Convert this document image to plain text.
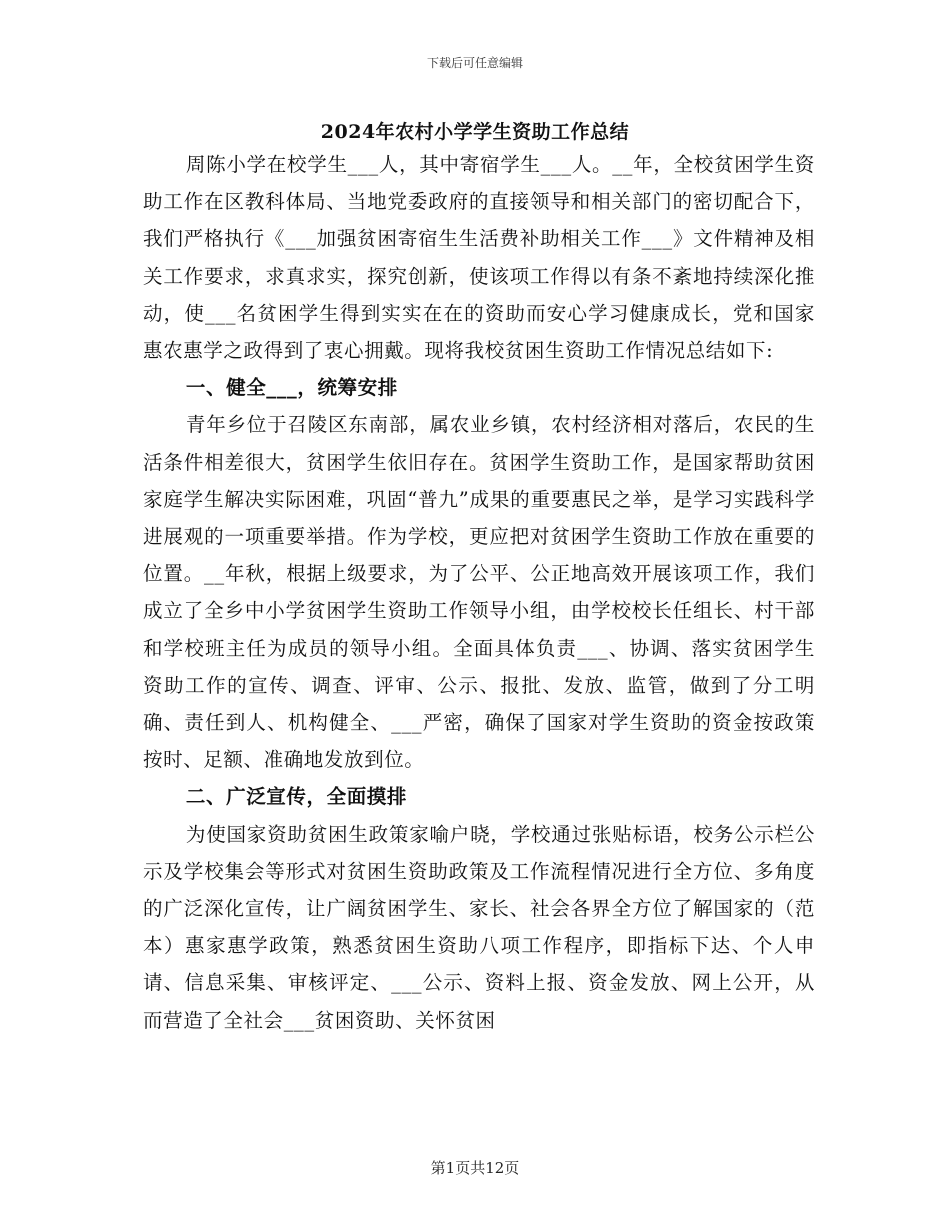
下载后可任意编辑
2024年农村小学学生资助工作总结

周陈小学在校学生___人，其中寄宿学生___人。__年，全校贫困学生资助工作在区教科体局、当地党委政府的直接领导和相关部门的密切配合下，我们严格执行《___加强贫困寄宿生生活费补助相关工作___》文件精神及相关工作要求，求真求实，探究创新，使该项工作得以有条不紊地持续深化推动，使___名贫困学生得到实实在在的资助而安心学习健康成长，党和国家惠农惠学之政得到了衷心拥戴。现将我校贫困生资助工作情况总结如下:

一、健全___，统筹安排

青年乡位于召陵区东南部，属农业乡镇，农村经济相对落后，农民的生活条件相差很大，贫困学生依旧存在。贫困学生资助工作，是国家帮助贫困家庭学生解决实际困难，巩固“普九”成果的重要惠民之举，是学习实践科学进展观的一项重要举措。作为学校，更应把对贫困学生资助工作放在重要的位置。__年秋，根据上级要求，为了公平、公正地高效开展该项工作，我们成立了全乡中小学贫困学生资助工作领导小组，由学校校长任组长、村干部和学校班主任为成员的领导小组。全面具体负责___、协调、落实贫困学生资助工作的宣传、调查、评审、公示、报批、发放、监管，做到了分工明确、责任到人、机构健全、___严密，确保了国家对学生资助的资金按政策按时、足额、准确地发放到位。

二、广泛宣传，全面摸排

为使国家资助贫困生政策家喻户晓，学校通过张贴标语，校务公示栏公示及学校集会等形式对贫困生资助政策及工作流程情况进行全方位、多角度的广泛深化宣传，让广阔贫困学生、家长、社会各界全方位了解国家的（范本）惠家惠学政策，熟悉贫困生资助八项工作程序，即指标下达、个人申请、信息采集、审核评定、___公示、资料上报、资金发放、网上公开，从而营造了全社会___贫困资助、关怀贫困

第1页共12页
